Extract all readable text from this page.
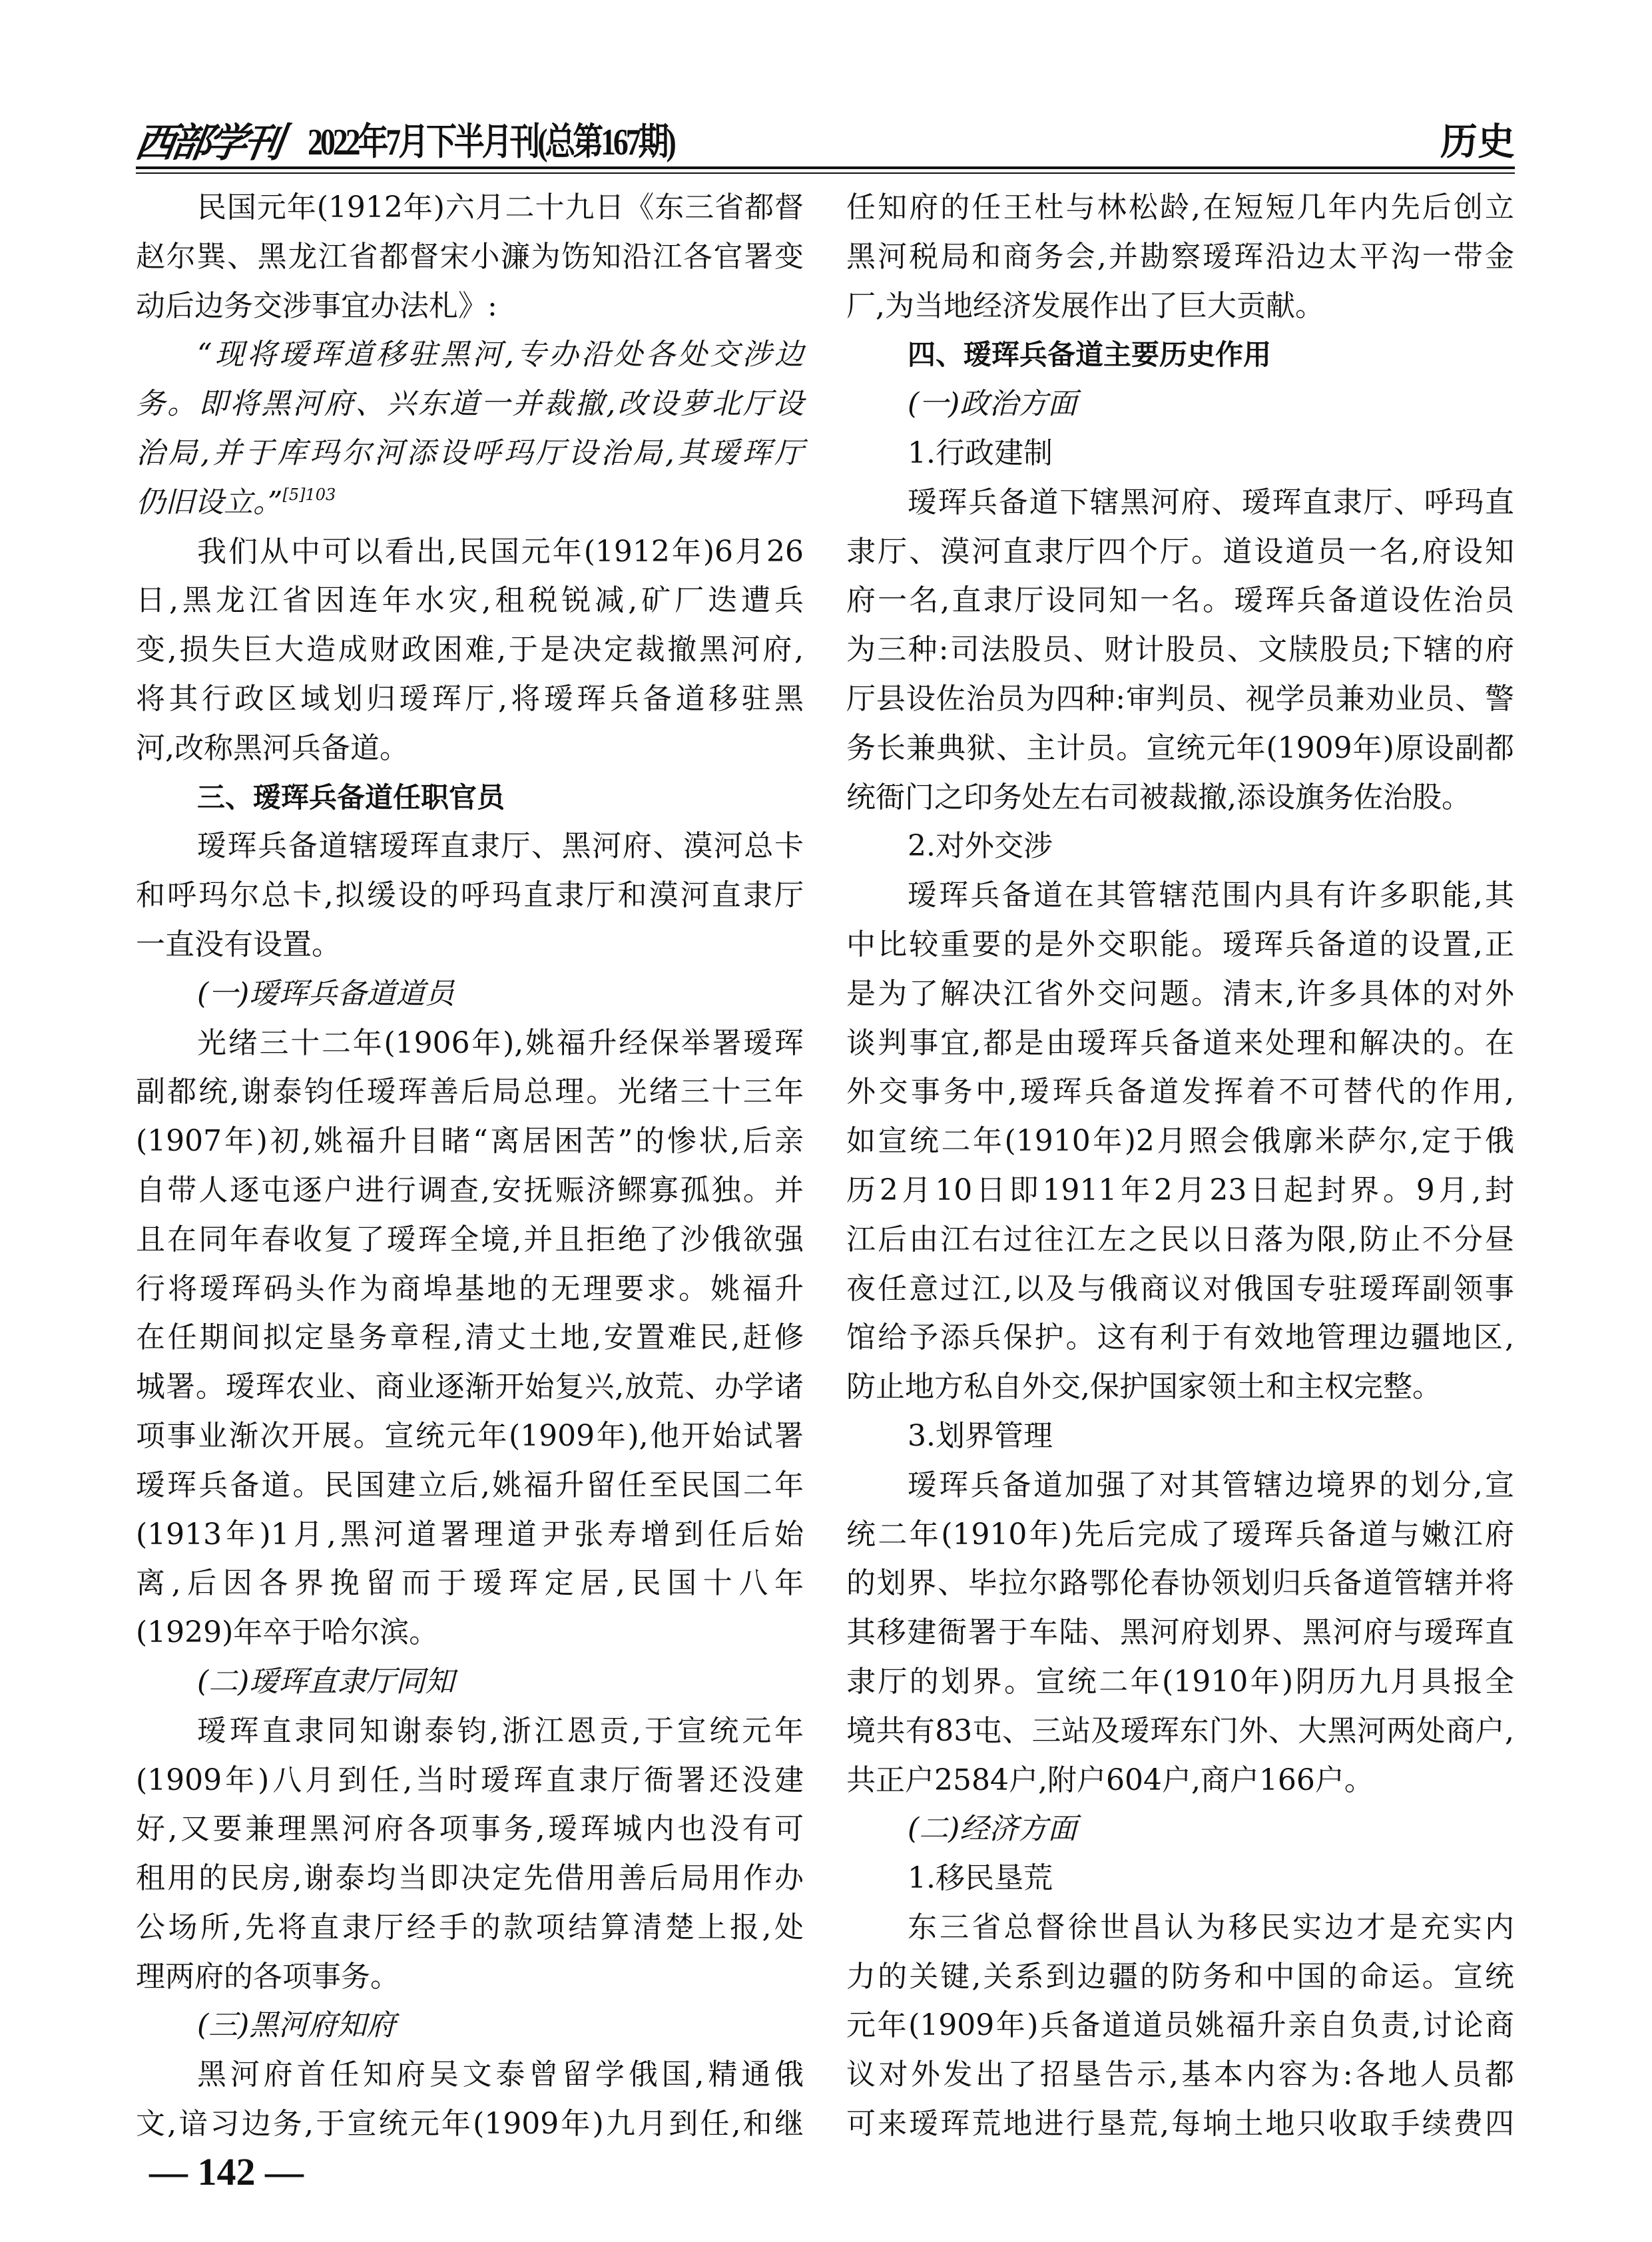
西部学刊 2022年7月下半月刊(总第167期)	历史
民国元年(1912年)六月二十九日《东三省都督
赵尔巽、黑龙江省都督宋小濂为饬知沿江各官署变
动后边务交涉事宜办法札》:
“现将瑷珲道移驻黑河,专办沿处各处交涉边
务。即将黑河府、兴东道一并裁撤,改设萝北厅设
治局,并于库玛尔河添设呼玛厅设治局,其瑷珲厅
仍旧设立。”$^{[5]103}$
我们从中可以看出,民国元年(1912年)6月26
日,黑龙江省因连年水灾,租税锐减,矿厂迭遭兵
变,损失巨大造成财政困难,于是决定裁撤黑河府,
将其行政区域划归瑷珲厅,将瑷珲兵备道移驻黑
河,改称黑河兵备道。
三、瑷珲兵备道任职官员
瑷珲兵备道辖瑷珲直隶厅、黑河府、漠河总卡
和呼玛尔总卡,拟缓设的呼玛直隶厅和漠河直隶厅
一直没有设置。
(一)瑷珲兵备道道员
光绪三十二年(1906年),姚福升经保举署瑷珲
副都统,谢泰钧任瑷珲善后局总理。光绪三十三年
(1907年)初,姚福升目睹“离居困苦”的惨状,后亲
自带人逐屯逐户进行调查,安抚赈济鳏寡孤独。并
且在同年春收复了瑷珲全境,并且拒绝了沙俄欲强
行将瑷珲码头作为商埠基地的无理要求。姚福升
在任期间拟定垦务章程,清丈土地,安置难民,赶修
城署。瑷珲农业、商业逐渐开始复兴,放荒、办学诸
项事业渐次开展。宣统元年(1909年),他开始试署
瑷珲兵备道。民国建立后,姚福升留任至民国二年
(1913年)1月,黑河道署理道尹张寿增到任后始
离,后因各界挽留而于瑷珲定居,民国十八年
(1929)年卒于哈尔滨。
(二)瑷珲直隶厅同知
瑷珲直隶同知谢泰钧,浙江恩贡,于宣统元年
(1909年)八月到任,当时瑷珲直隶厅衙署还没建
好,又要兼理黑河府各项事务,瑷珲城内也没有可
租用的民房,谢泰均当即决定先借用善后局用作办
公场所,先将直隶厅经手的款项结算清楚上报,处
理两府的各项事务。
(三)黑河府知府
黑河府首任知府吴文泰曾留学俄国,精通俄
文,谙习边务,于宣统元年(1909年)九月到任,和继
任知府的任王杜与林松龄,在短短几年内先后创立
黑河税局和商务会,并勘察瑷珲沿边太平沟一带金
厂,为当地经济发展作出了巨大贡献。
四、瑷珲兵备道主要历史作用
(一)政治方面
1.行政建制
瑷珲兵备道下辖黑河府、瑷珲直隶厅、呼玛直
隶厅、漠河直隶厅四个厅。道设道员一名,府设知
府一名,直隶厅设同知一名。瑷珲兵备道设佐治员
为三种:司法股员、财计股员、文牍股员;下辖的府
厅县设佐治员为四种:审判员、视学员兼劝业员、警
务长兼典狱、主计员。宣统元年(1909年)原设副都
统衙门之印务处左右司被裁撤,添设旗务佐治股。
2.对外交涉
瑷珲兵备道在其管辖范围内具有许多职能,其
中比较重要的是外交职能。瑷珲兵备道的设置,正
是为了解决江省外交问题。清末,许多具体的对外
谈判事宜,都是由瑷珲兵备道来处理和解决的。在
外交事务中,瑷珲兵备道发挥着不可替代的作用,
如宣统二年(1910年)2月照会俄廓米萨尔,定于俄
历2月10日即1911年2月23日起封界。9月,封
江后由江右过往江左之民以日落为限,防止不分昼
夜任意过江,以及与俄商议对俄国专驻瑷珲副领事
馆给予添兵保护。这有利于有效地管理边疆地区,
防止地方私自外交,保护国家领土和主权完整。
3.划界管理
瑷珲兵备道加强了对其管辖边境界的划分,宣
统二年(1910年)先后完成了瑷珲兵备道与嫩江府
的划界、毕拉尔路鄂伦春协领划归兵备道管辖并将
其移建衙署于车陆、黑河府划界、黑河府与瑷珲直
隶厅的划界。宣统二年(1910年)阴历九月具报全
境共有83屯、三站及瑷珲东门外、大黑河两处商户,
共正户2584户,附户604户,商户166户。
(二)经济方面
1.移民垦荒
东三省总督徐世昌认为移民实边才是充实内
力的关键,关系到边疆的防务和中国的命运。宣统
元年(1909年)兵备道道员姚福升亲自负责,讨论商
议对外发出了招垦告示,基本内容为:各地人员都
可来瑷珲荒地进行垦荒,每垧土地只收取手续费四
— 142 —
